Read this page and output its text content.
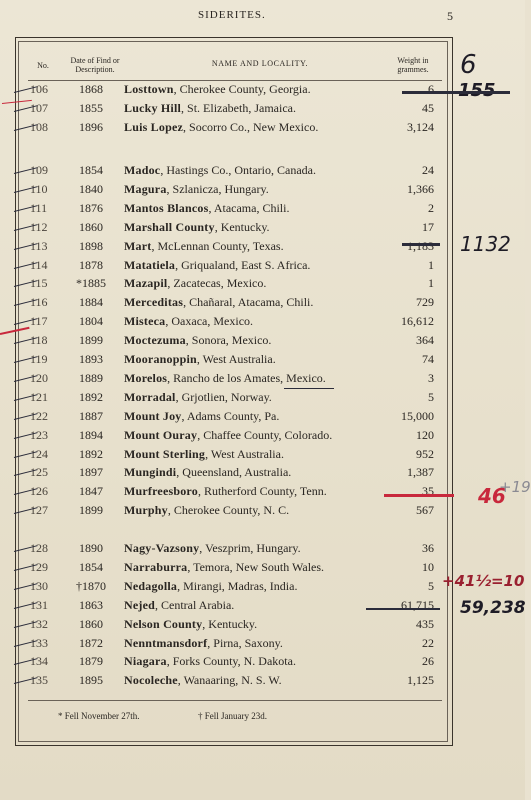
SIDERITES.	5
No.
Date of Find or Description.
NAME AND LOCALITY.	Weight in grammes.
106	1868	Losttown, Cherokee County, Georgia.	6
107	1855	Lucky Hill, St. Elizabeth, Jamaica.	45
108	1896	Luis Lopez, Socorro Co., New Mexico.	3,124
109	1854	Madoc, Hastings Co., Ontario, Canada.	24
110	1840	Magura, Szlanicza, Hungary.	1,366
111	1876	Mantos Blancos, Atacama, Chili.	2
112	1860	Marshall County, Kentucky.	17
113	1898	Mart, McLennan County, Texas.	1,183
114	1878	Matatiela, Griqualand, East S. Africa.	1
115	*1885	Mazapil, Zacatecas, Mexico.	1
116	1884	Merceditas, Chañaral, Atacama, Chili.	729
117	1804	Misteca, Oaxaca, Mexico.	16,612
118	1899	Moctezuma, Sonora, Mexico.	364
119	1893	Mooranoppin, West Australia.	74
120	1889	Morelos, Rancho de los Amates, Mexico.	3
121	1892	Morradal, Grjotlien, Norway.	5
122	1887	Mount Joy, Adams County, Pa.	15,000
123	1894	Mount Ouray, Chaffee County, Colorado.	120
124	1892	Mount Sterling, West Australia.	952
125	1897	Mungindi, Queensland, Australia.	1,387
126	1847	Murfreesboro, Rutherford County, Tenn.	35
127	1899	Murphy, Cherokee County, N. C.	567
128	1890	Nagy-Vazsony, Veszprim, Hungary.	36
129	1854	Narraburra, Temora, New South Wales.	10
130	†1870	Nedagolla, Mirangi, Madras, India.	5
131	1863	Nejed, Central Arabia.	61,715
132	1860	Nelson County, Kentucky.	435
133	1872	Nenntmansdorf, Pirna, Saxony.	22
134	1879	Niagara, Forks County, N. Dakota.	26
135	1895	Nocoleche, Wanaaring, N. S. W.	1,125
* Fell November 27th.	† Fell January 23d.
6
155
1132
46
+19
+41½=10
59,238
